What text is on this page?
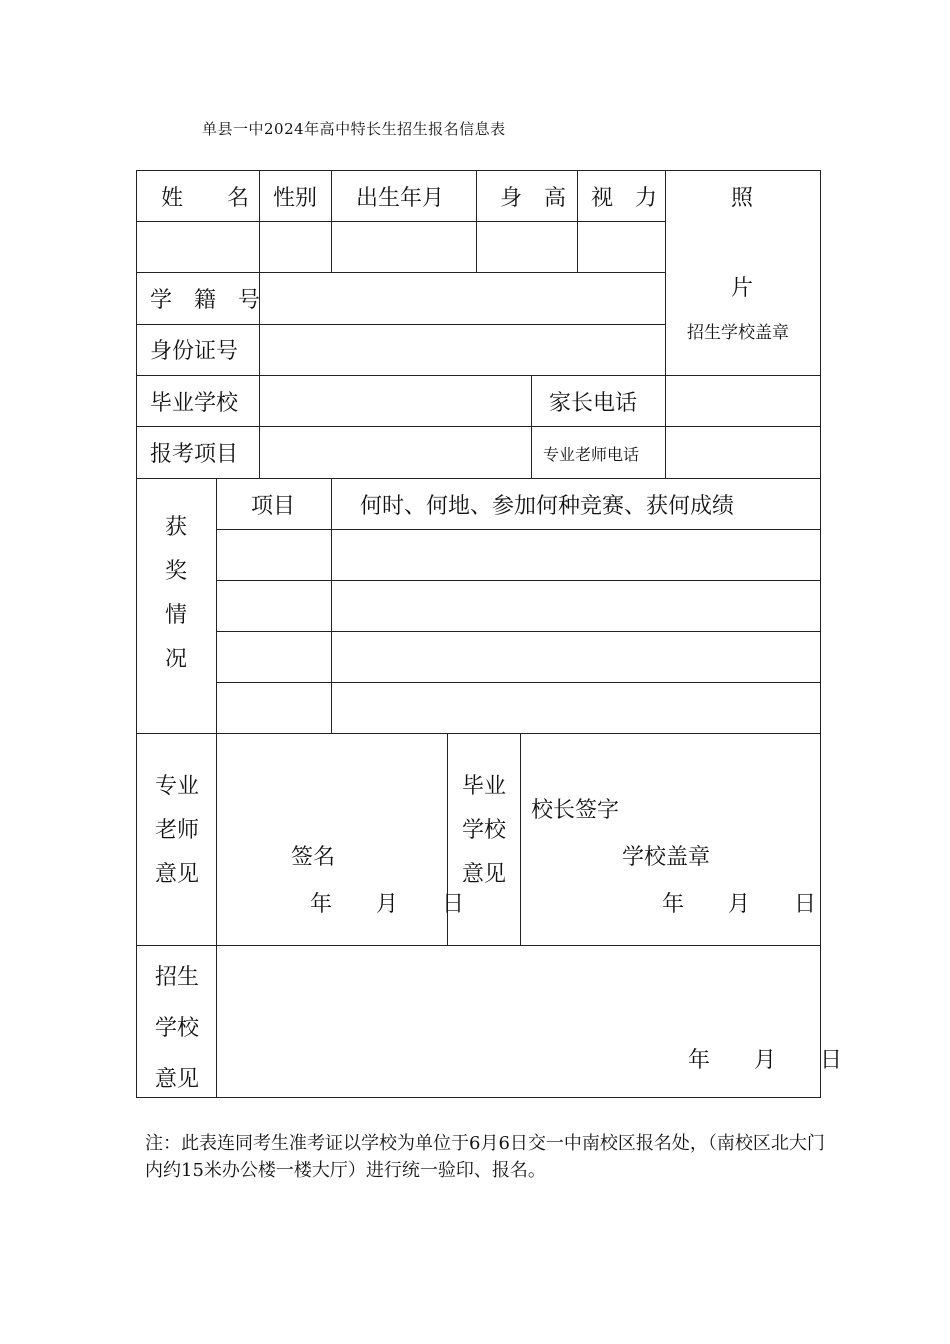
单县一中2024年高中特长生招生报名信息表
姓　　名 性别 出生年月	身　高 视　力	照
片
招生学校盖章
学　籍　号
身份证号
毕业学校	家长电话
报考项目	专业老师电话
获
奖
情
况
项目	何时、何地、参加何种竞赛、获何成绩
专业
老师
意见
签名
年　　月　　日
毕业
学校
意见
校长签字
学校盖章
年　　月　　日
招生
学校
意见
年　　月　　日
注：此表连同考生准考证以学校为单位于6月6日交一中南校区报名处，（南校区北大门内约15米办公楼一楼大厅）进行统一验印、报名。
